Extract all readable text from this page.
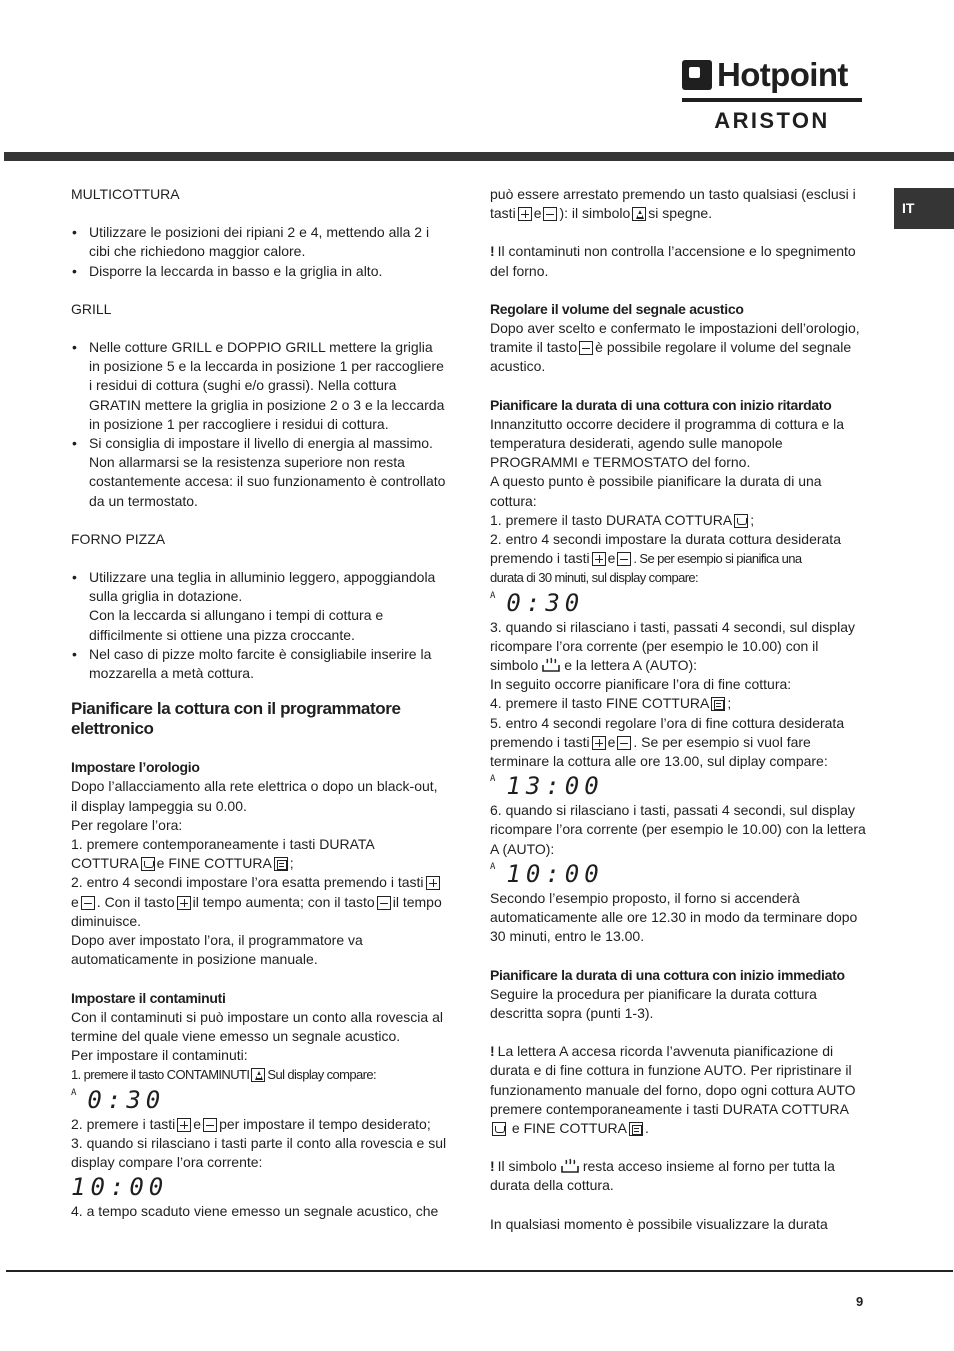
Hotpoint
ARISTON
IT

MULTICOTTURA

• Utilizzare le posizioni dei ripiani 2 e 4, mettendo alla 2 i cibi che richiedono maggior calore.

• Disporre la leccarda in basso e la griglia in alto.

GRILL

• Nelle cotture GRILL e DOPPIO GRILL mettere la griglia in posizione 5 e la leccarda in posizione 1 per raccogliere i residui di cottura (sughi e/o grassi). Nella cottura GRATIN mettere la griglia in posizione 2 o 3 e la leccarda in posizione 1 per raccogliere i residui di cottura.

• Si consiglia di impostare il livello di energia al massimo. Non allarmarsi se la resistenza superiore non resta costantemente accesa: il suo funzionamento è controllato da un termostato.

FORNO PIZZA

• Utilizzare una teglia in alluminio leggero, appoggiandola sulla griglia in dotazione.

Con la leccarda si allungano i tempi di cottura e difficilmente si ottiene una pizza croccante.

• Nel caso di pizze molto farcite è consigliabile inserire la mozzarella a metà cottura.

Pianificare la cottura con il programmatore elettronico

Impostare l’orologio

Dopo l’allacciamento alla rete elettrica o dopo un black-out, il display lampeggia su 0.00.

Per regolare l’ora:

1. premere contemporaneamente i tasti DURATA

COTTURA e FINE COTTURA ;

2. entro 4 secondi impostare l’ora esatta premendo i tasti
e . Con il tasto il tempo aumenta; con il tasto il tempo diminuisce.

Dopo aver impostato l’ora, il programmatore va automaticamente in posizione manuale.

Impostare il contaminuti

Con il contaminuti si può impostare un conto alla rovescia al termine del quale viene emesso un segnale acustico.

Per impostare il contaminuti:

1. premere il tasto CONTAMINUTI Sul display compare:

A 0:30

2. premere i tasti e per impostare il tempo desiderato;

3. quando si rilasciano i tasti parte il conto alla rovescia e sul display compare l’ora corrente:

10:00

4. a tempo scaduto viene emesso un segnale acustico, che

può essere arrestato premendo un tasto qualsiasi (esclusi i

tasti e ): il simbolo si spegne.

! Il contaminuti non controlla l’accensione e lo spegnimento del forno.

Regolare il volume del segnale acustico

Dopo aver scelto e confermato le impostazioni dell’orologio, tramite il tasto è possibile regolare il volume del segnale acustico.

Pianificare la durata di una cottura con inizio ritardato

Innanzitutto occorre decidere il programma di cottura e la temperatura desiderati, agendo sulle manopole PROGRAMMI e TERMOSTATO del forno.

A questo punto è possibile pianificare la durata di una cottura:

1. premere il tasto DURATA COTTURA ;

2. entro 4 secondi impostare la durata cottura desiderata premendo i tasti e . Se per esempio si pianifica una

durata di 30 minuti, sul display compare:

A 0:30

3. quando si rilasciano i tasti, passati 4 secondi, sul display ricompare l’ora corrente (per esempio le 10.00) con il simbolo e la lettera A (AUTO):

In seguito occorre pianificare l’ora di fine cottura:

4. premere il tasto FINE COTTURA ;

5. entro 4 secondi regolare l’ora di fine cottura desiderata premendo i tasti e . Se per esempio si vuol fare terminare la cottura alle ore 13.00, sul diplay compare:

A 13:00

6. quando si rilasciano i tasti, passati 4 secondi, sul display ricompare l’ora corrente (per esempio le 10.00) con la lettera A (AUTO):

A 10:00

Secondo l’esempio proposto, il forno si accenderà automaticamente alle ore 12.30 in modo da terminare dopo 30 minuti, entro le 13.00.

Pianificare la durata di una cottura con inizio immediato

Seguire la procedura per pianificare la durata cottura descritta sopra (punti 1-3).

! La lettera A accesa ricorda l’avvenuta pianificazione di durata e di fine cottura in funzione AUTO. Per ripristinare il funzionamento manuale del forno, dopo ogni cottura AUTO premere contemporaneamente i tasti DURATA COTTURA
e FINE COTTURA .

! Il simbolo resta acceso insieme al forno per tutta la durata della cottura.

In qualsiasi momento è possibile visualizzare la durata

9
